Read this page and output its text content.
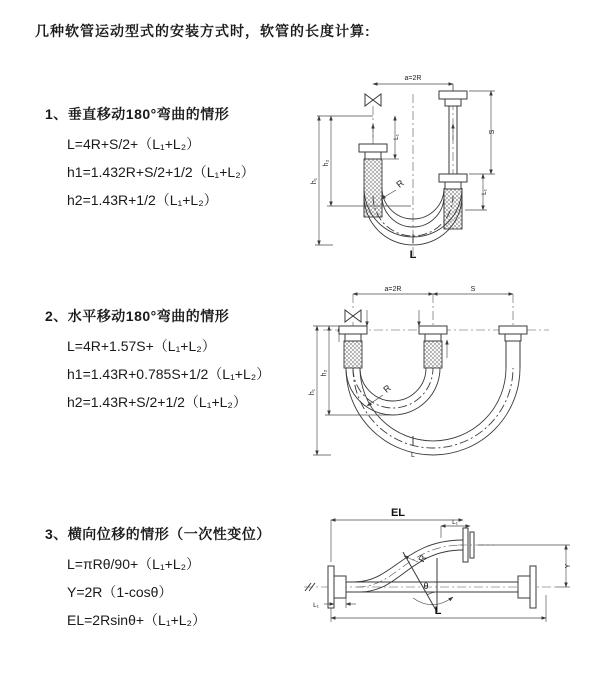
几种软管运动型式的安装方式时，软管的长度计算:
1、垂直移动180°弯曲的情形
L=4R+S/2+（L₁+L₂）
h1=1.432R+S/2+1/2（L₁+L₂）
h2=1.43R+1/2（L₁+L₂）
a=2R
h₁
h₂
L₁
S
L₁
R
L
2、水平移动180°弯曲的情形
L=4R+1.57S+（L₁+L₂）
h1=1.43R+0.785S+1/2（L₁+L₂）
h2=1.43R+S/2+1/2（L₁+L₂）
a=2R	S
h₁
h₂
R
L
3、横向位移的情形（一次性变位）
L=πRθ/90+（L₁+L₂）
Y=2R（1-cosθ）
EL=2Rsinθ+（L₁+L₂）
EL
L₁
Y
θ
R
L
L₁
